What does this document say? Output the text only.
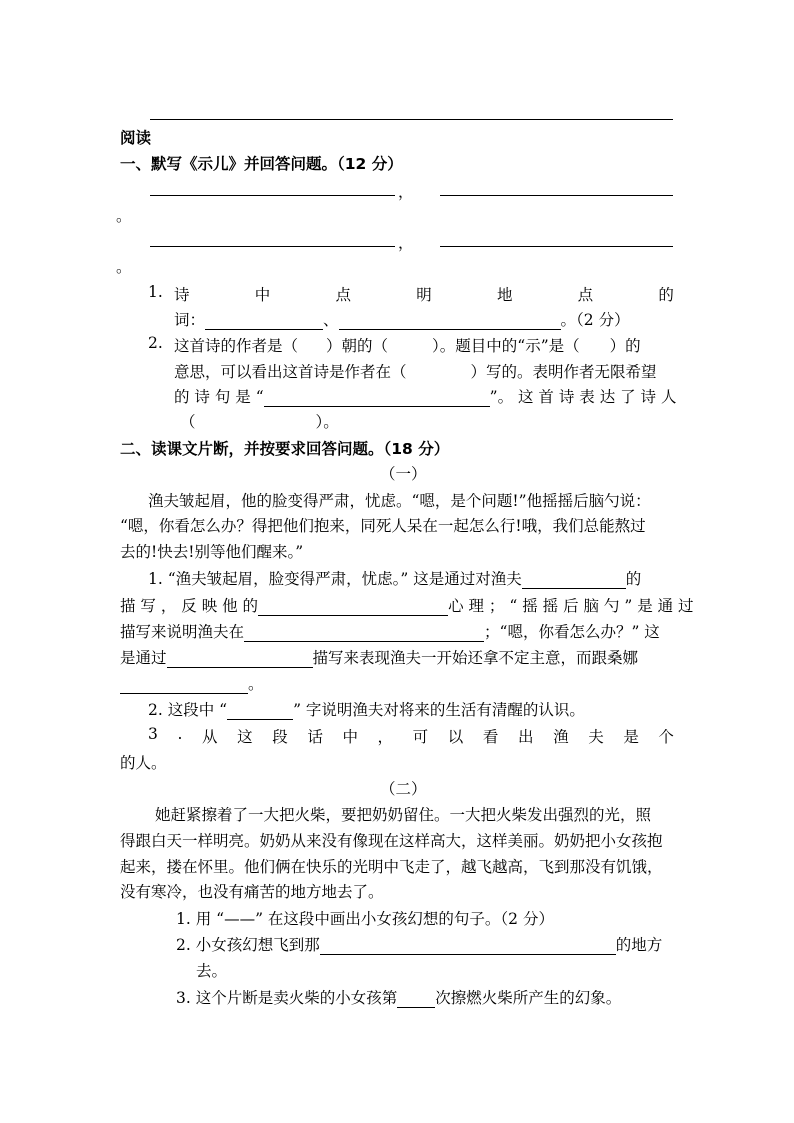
阅读
一、默写《示儿》并回答问题。（12 分）
，
。
，
。
1. 诗	中	点	明	地	点	的
词：	、	。（2 分）
2. 这首诗的作者是（ ）朝的（	）。题目中的“示”是（ ）的
意思，可以看出这首诗是作者在（	）写的。表明作者无限希望
的 诗 句 是 “	”。 这 首 诗 表 达 了 诗 人
（	）。
二、读课文片断，并按要求回答问题。（18 分）
（一）
渔夫皱起眉，他的脸变得严肃，忧虑。“嗯，是个问题!”他摇摇后脑勺说：
“嗯，你看怎么办？得把他们抱来，同死人呆在一起怎么行!哦，我们总能熬过
去的!快去!别等他们醒来。”
1. “渔夫皱起眉，脸变得严肃，忧虑。” 这是通过对渔夫	的
描 写 ， 反 映 他 的	心 理 ； “ 摇 摇 后 脑 勺 ” 是 通 过
描写来说明渔夫在	；“嗯，你看怎么办？” 这
是通过	描写来表现渔夫一开始还拿不定主意，而跟桑娜
。
2. 这段中 “	” 字说明渔夫对将来的生活有清醒的认识。
3 . 从 这 段 话 中 ， 可 以 看 出 渔 夫 是 个
的人。
（二）
她赶紧擦着了一大把火柴，要把奶奶留住。一大把火柴发出强烈的光，照
得跟白天一样明亮。奶奶从来没有像现在这样高大，这样美丽。奶奶把小女孩抱
起来，搂在怀里。他们俩在快乐的光明中飞走了，越飞越高，飞到那没有饥饿，
没有寒冷，也没有痛苦的地方地去了。
1. 用 “——” 在这段中画出小女孩幻想的句子。（2 分）
2. 小女孩幻想飞到那	的地方
去。
3. 这个片断是卖火柴的小女孩第 次擦燃火柴所产生的幻象。
